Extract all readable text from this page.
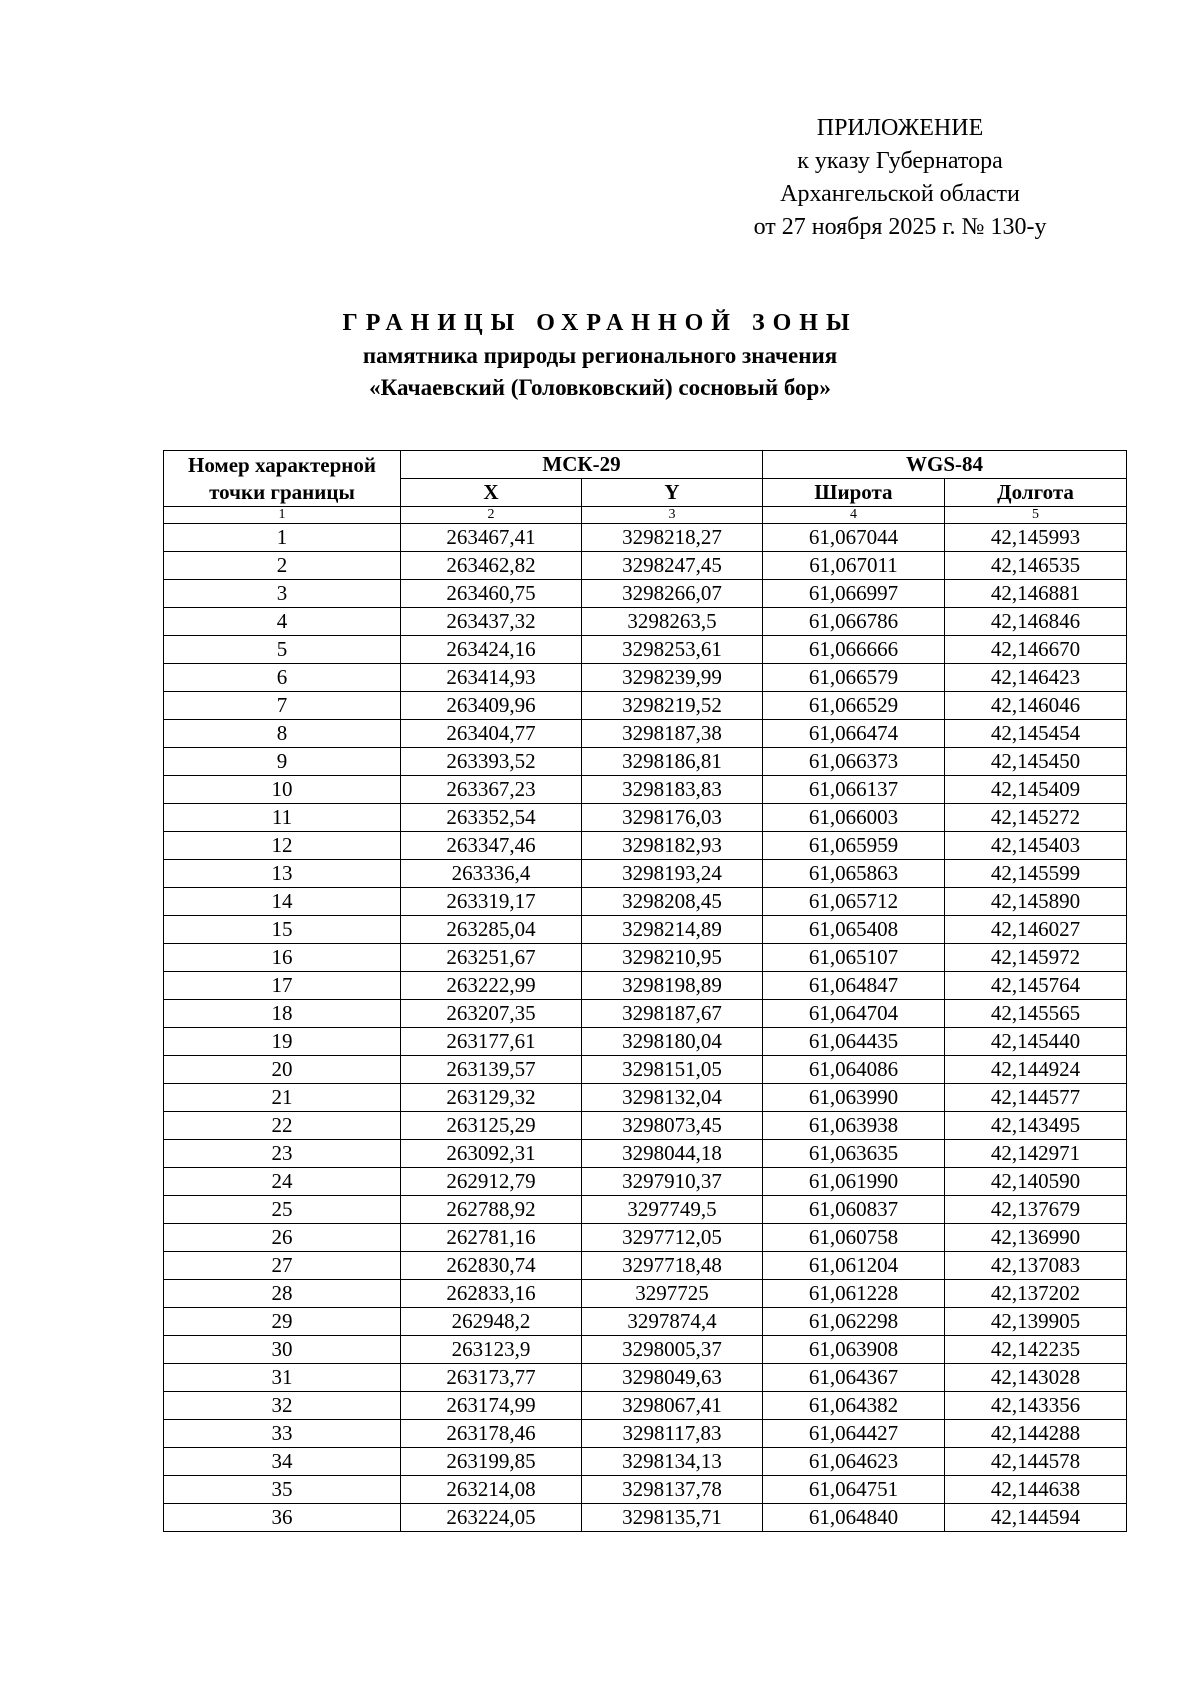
ПРИЛОЖЕНИЕ
к указу Губернатора
Архангельской области
от 27 ноября 2025 г. № 130-у
ГРАНИЦЫ ОХРАННОЙ ЗОНЫ
памятника природы регионального значения
«Качаевский (Головковский) сосновый бор»
Номер характерной точки границы	МСК-29		WGS-84	
	X	Y	Широта	Долгота
1	2	3	4	5
1	263467,41	3298218,27	61,067044	42,145993
2	263462,82	3298247,45	61,067011	42,146535
3	263460,75	3298266,07	61,066997	42,146881
4	263437,32	3298263,5	61,066786	42,146846
5	263424,16	3298253,61	61,066666	42,146670
6	263414,93	3298239,99	61,066579	42,146423
7	263409,96	3298219,52	61,066529	42,146046
8	263404,77	3298187,38	61,066474	42,145454
9	263393,52	3298186,81	61,066373	42,145450
10	263367,23	3298183,83	61,066137	42,145409
11	263352,54	3298176,03	61,066003	42,145272
12	263347,46	3298182,93	61,065959	42,145403
13	263336,4	3298193,24	61,065863	42,145599
14	263319,17	3298208,45	61,065712	42,145890
15	263285,04	3298214,89	61,065408	42,146027
16	263251,67	3298210,95	61,065107	42,145972
17	263222,99	3298198,89	61,064847	42,145764
18	263207,35	3298187,67	61,064704	42,145565
19	263177,61	3298180,04	61,064435	42,145440
20	263139,57	3298151,05	61,064086	42,144924
21	263129,32	3298132,04	61,063990	42,144577
22	263125,29	3298073,45	61,063938	42,143495
23	263092,31	3298044,18	61,063635	42,142971
24	262912,79	3297910,37	61,061990	42,140590
25	262788,92	3297749,5	61,060837	42,137679
26	262781,16	3297712,05	61,060758	42,136990
27	262830,74	3297718,48	61,061204	42,137083
28	262833,16	3297725	61,061228	42,137202
29	262948,2	3297874,4	61,062298	42,139905
30	263123,9	3298005,37	61,063908	42,142235
31	263173,77	3298049,63	61,064367	42,143028
32	263174,99	3298067,41	61,064382	42,143356
33	263178,46	3298117,83	61,064427	42,144288
34	263199,85	3298134,13	61,064623	42,144578
35	263214,08	3298137,78	61,064751	42,144638
36	263224,05	3298135,71	61,064840	42,144594
